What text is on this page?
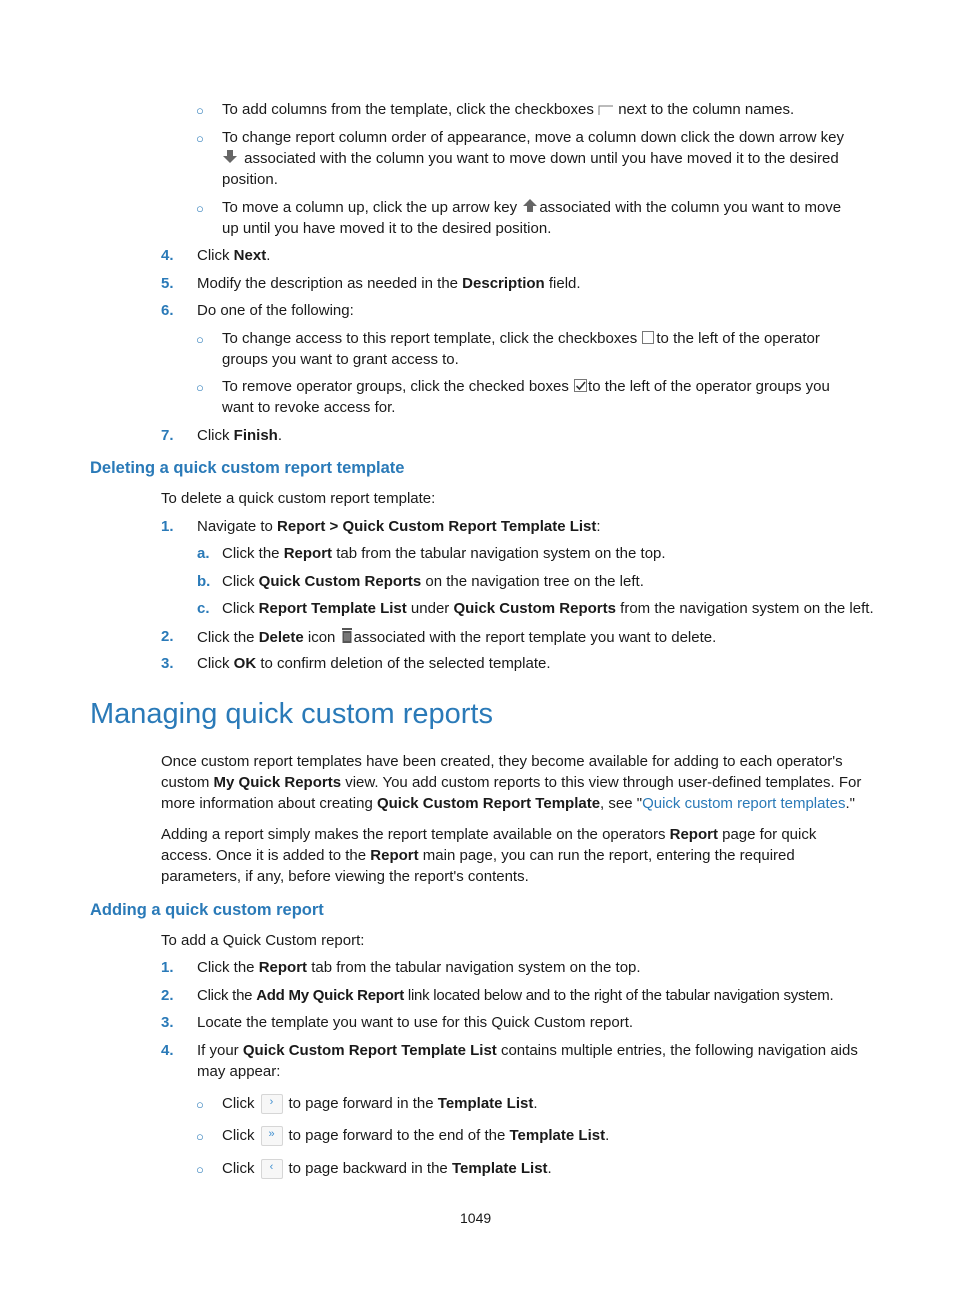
○ To add columns from the template, click the checkboxes next to the column names.
○ To change report column order of appearance, move a column down click the down arrow key
associated with the column you want to move down until you have moved it to the desired
position.
○ To move a column up, click the up arrow key associated with the column you want to move
up until you have moved it to the desired position.
4. Click Next.
5. Modify the description as needed in the Description field.
6. Do one of the following:
○ To change access to this report template, click the checkboxes to the left of the operator
groups you want to grant access to.
○ To remove operator groups, click the checked boxes to the left of the operator groups you
want to revoke access for.
7. Click Finish.
Deleting a quick custom report template
To delete a quick custom report template:
1. Navigate to Report > Quick Custom Report Template List:
a. Click the Report tab from the tabular navigation system on the top.
b. Click Quick Custom Reports on the navigation tree on the left.
c. Click Report Template List under Quick Custom Reports from the navigation system on the left.
2. Click the Delete icon associated with the report template you want to delete.
3. Click OK to confirm deletion of the selected template.
Managing quick custom reports
Once custom report templates have been created, they become available for adding to each operator's
custom My Quick Reports view. You add custom reports to this view through user-defined templates. For
more information about creating Quick Custom Report Template, see "Quick custom report templates."
Adding a report simply makes the report template available on the operators Report page for quick
access. Once it is added to the Report main page, you can run the report, entering the required
parameters, if any, before viewing the report's contents.
Adding a quick custom report
To add a Quick Custom report:
1. Click the Report tab from the tabular navigation system on the top.
2. Click the Add My Quick Report link located below and to the right of the tabular navigation system.
3. Locate the template you want to use for this Quick Custom report.
4. If your Quick Custom Report Template List contains multiple entries, the following navigation aids
may appear:
○ Click › to page forward in the Template List.
○ Click » to page forward to the end of the Template List.
○ Click ‹ to page backward in the Template List.
1049
